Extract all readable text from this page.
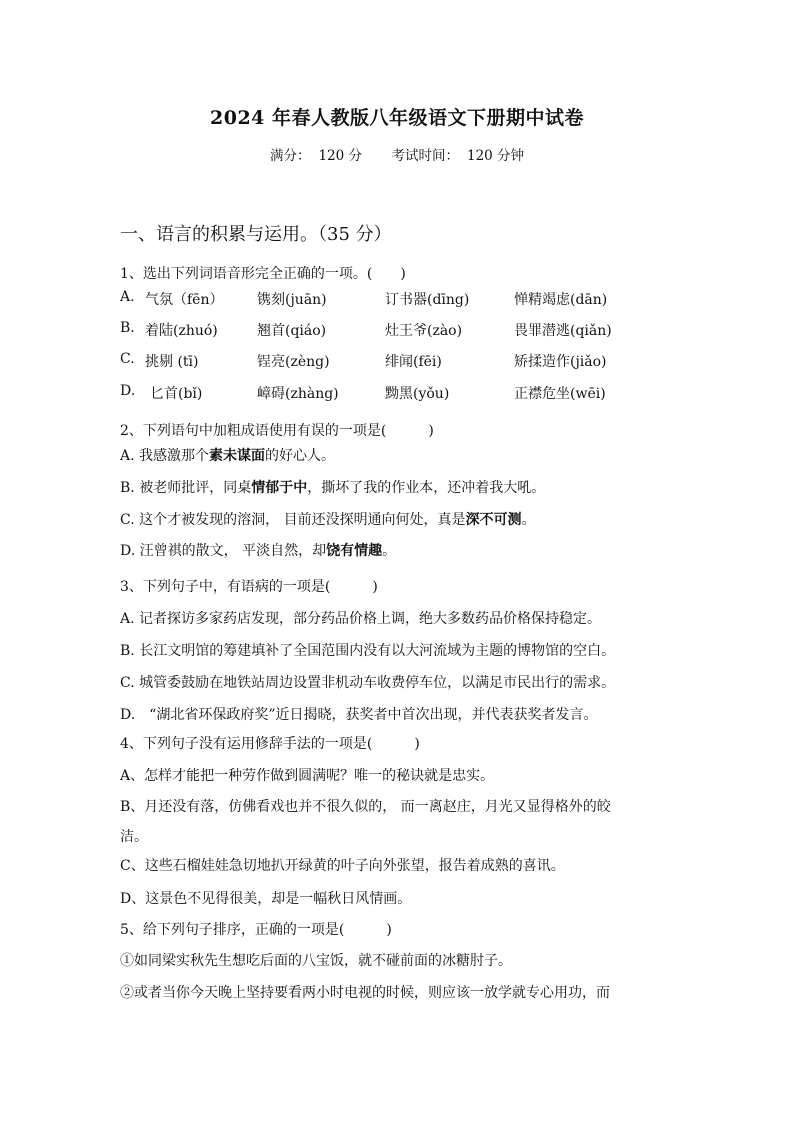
2024 年春人教版八年级语文下册期中试卷
满分： 120 分 考试时间： 120 分钟
一、语言的积累与运用。（35 分）
1、选出下列词语音形完全正确的一项。(　　)
A. 气氛（fēn） 镌刻(juān)	订书器(dīng)	惮精竭虑(dān)
B. 着陆(zhuó)	翘首(qiáo)	灶王爷(zào)	畏罪潜逃(qiǎn)
C. 挑剔 (tī)	锃亮(zèng)	绯闻(fēi)	矫揉造作(jiǎo)
D. 匕首(bǐ)	嶂碍(zhàng)	黝黑(yǒu)	正襟危坐(wēi)
2、下列语句中加粗成语使用有误的一项是(　　　)
A. 我感激那个素未谋面的好心人。
B. 被老师批评，同桌情郁于中，撕坏了我的作业本，还冲着我大吼。
C. 这个才被发现的溶洞， 目前还没探明通向何处，真是深不可测。
D. 汪曾祺的散文， 平淡自然，却饶有情趣。
3、下列句子中，有语病的一项是(　　　)
A. 记者探访多家药店发现，部分药品价格上调，绝大多数药品价格保持稳定。
B. 长江文明馆的筹建填补了全国范围内没有以大河流域为主题的博物馆的空白。
C. 城管委鼓励在地铁站周边设置非机动车收费停车位，以满足市民出行的需求。
D.　“湖北省环保政府奖”近日揭晓，获奖者中首次出现，并代表获奖者发言。
4、下列句子没有运用修辞手法的一项是(　　　)
A、怎样才能把一种劳作做到圆满呢？唯一的秘诀就是忠实。
B、月还没有落，仿佛看戏也并不很久似的， 而一离赵庄，月光又显得格外的皎
洁。
C、这些石榴娃娃急切地扒开绿黄的叶子向外张望，报告着成熟的喜讯。
D、这景色不见得很美，却是一幅秋日风情画。
5、给下列句子排序，正确的一项是(　　　)
①如同梁实秋先生想吃后面的八宝饭，就不碰前面的冰糖肘子。
②或者当你今天晚上坚持要看两小时电视的时候，则应该一放学就专心用功，而
